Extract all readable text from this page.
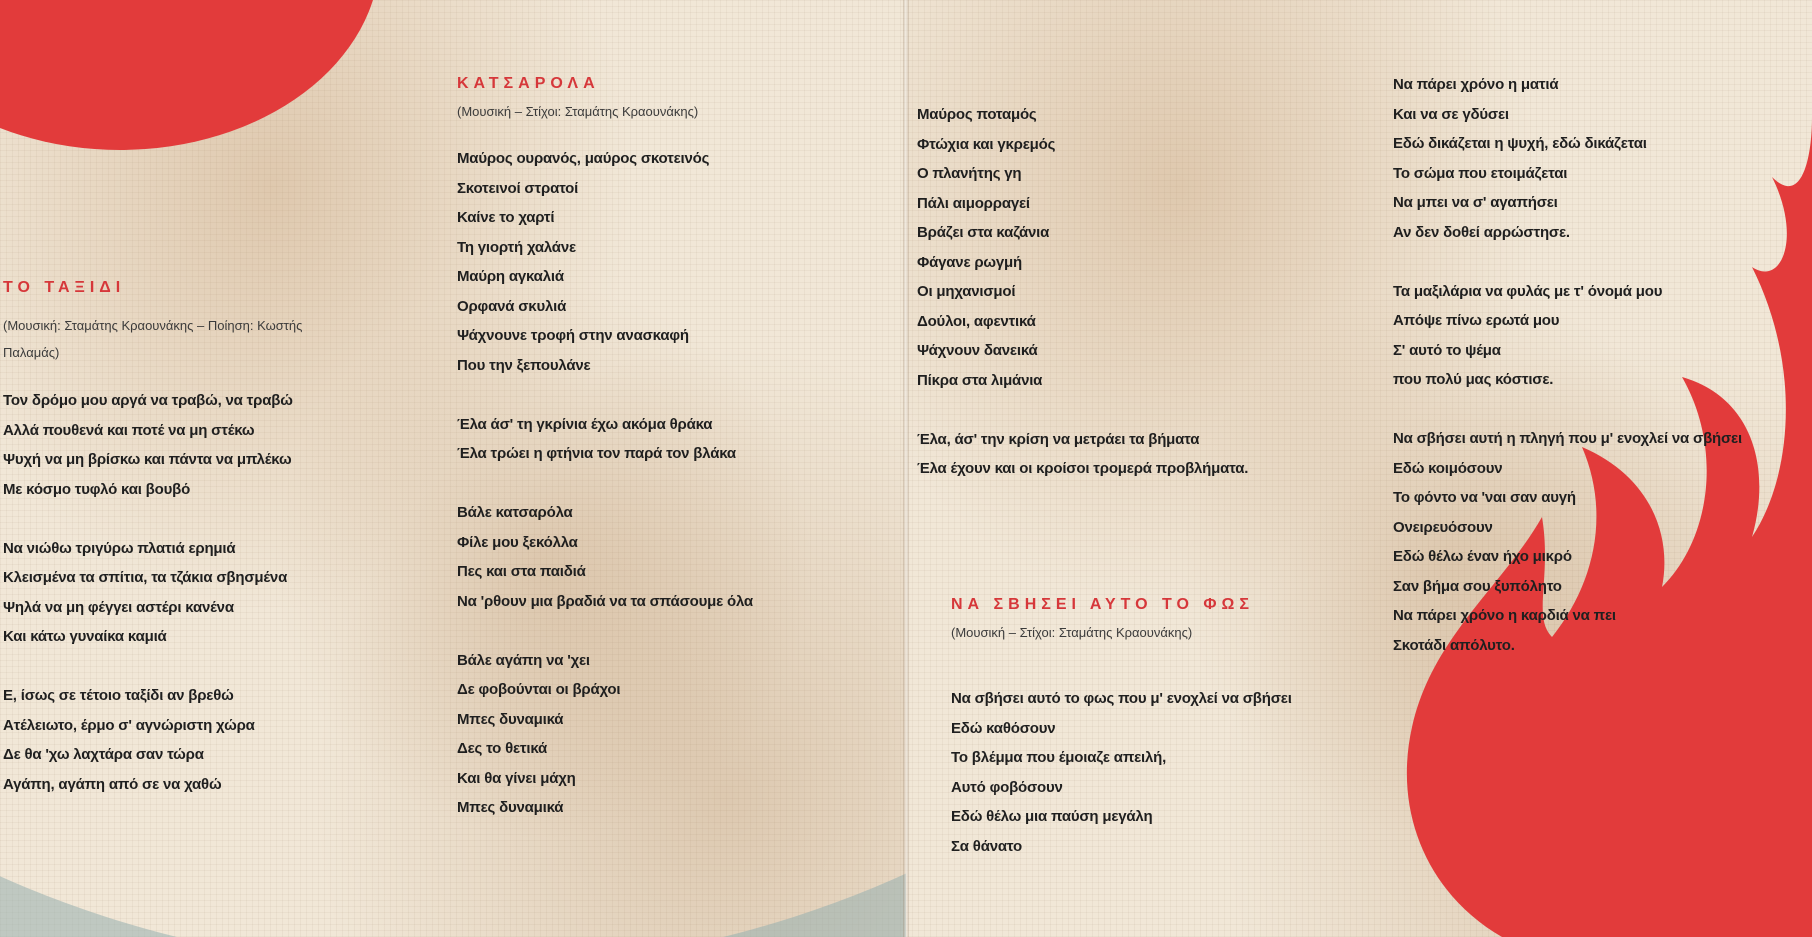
ΤΟ ΤΑΞΙΔΙ
(Μουσική: Σταμάτης Κραουνάκης – Ποίηση: Κωστής
Παλαμάς)
Τον δρόμο μου αργά να τραβώ, να τραβώ
Αλλά πουθενά και ποτέ να μη στέκω
Ψυχή να μη βρίσκω και πάντα να μπλέκω
Με κόσμο τυφλό και βουβό
Να νιώθω τριγύρω πλατιά ερημιά
Κλεισμένα τα σπίτια, τα τζάκια σβησμένα
Ψηλά να μη φέγγει αστέρι κανένα
Και κάτω γυναίκα καμιά
Ε, ίσως σε τέτοιο ταξίδι αν βρεθώ
Ατέλειωτο, έρμο σ' αγνώριστη χώρα
Δε θα 'χω λαχτάρα σαν τώρα
Αγάπη, αγάπη από σε να χαθώ
ΚΑΤΣΑΡΟΛΑ
(Μουσική – Στίχοι: Σταμάτης Κραουνάκης)
Μαύρος ουρανός, μαύρος σκοτεινός
Σκοτεινοί στρατοί
Καίνε το χαρτί
Τη γιορτή χαλάνε
Μαύρη αγκαλιά
Ορφανά σκυλιά
Ψάχνουνε τροφή στην ανασκαφή
Που την ξεπουλάνε
Έλα άσ' τη γκρίνια έχω ακόμα θράκα
Έλα τρώει η φτήνια τον παρά τον βλάκα
Βάλε κατσαρόλα
Φίλε μου ξεκόλλα
Πες και στα παιδιά
Να 'ρθουν μια βραδιά να τα σπάσουμε όλα
Βάλε αγάπη να 'χει
Δε φοβούνται οι βράχοι
Μπες δυναμικά
Δες το θετικά
Και θα γίνει μάχη
Μπες δυναμικά
Μαύρος ποταμός
Φτώχια και γκρεμός
Ο πλανήτης γη
Πάλι αιμορραγεί
Βράζει στα καζάνια
Φάγανε ρωγμή
Οι μηχανισμοί
Δούλοι, αφεντικά
Ψάχνουν δανεικά
Πίκρα στα λιμάνια
Έλα, άσ' την κρίση να μετράει τα βήματα
Έλα έχουν και οι κροίσοι τρομερά προβλήματα.
ΝΑ ΣΒΗΣΕΙ ΑΥΤΟ ΤΟ ΦΩΣ
(Μουσική – Στίχοι: Σταμάτης Κραουνάκης)
Να σβήσει αυτό το φως που μ' ενοχλεί να σβήσει
Εδώ καθόσουν
Το βλέμμα που έμοιαζε απειλή,
Αυτό φοβόσουν
Εδώ θέλω μια παύση μεγάλη
Σα θάνατο
Να πάρει χρόνο η ματιά
Και να σε γδύσει
Εδώ δικάζεται η ψυχή, εδώ δικάζεται
Το σώμα που ετοιμάζεται
Να μπει να σ' αγαπήσει
Αν δεν δοθεί αρρώστησε.
Τα μαξιλάρια να φυλάς με τ' όνομά μου
Απόψε πίνω ερωτά μου
Σ' αυτό το ψέμα
που πολύ μας κόστισε.
Να σβήσει αυτή η πληγή που μ' ενοχλεί να σβήσει
Εδώ κοιμόσουν
Το φόντο να 'ναι σαν αυγή
Ονειρευόσουν
Εδώ θέλω έναν ήχο μικρό
Σαν βήμα σου ξυπόλητο
Να πάρει χρόνο η καρδιά να πει
Σκοτάδι απόλυτο.
